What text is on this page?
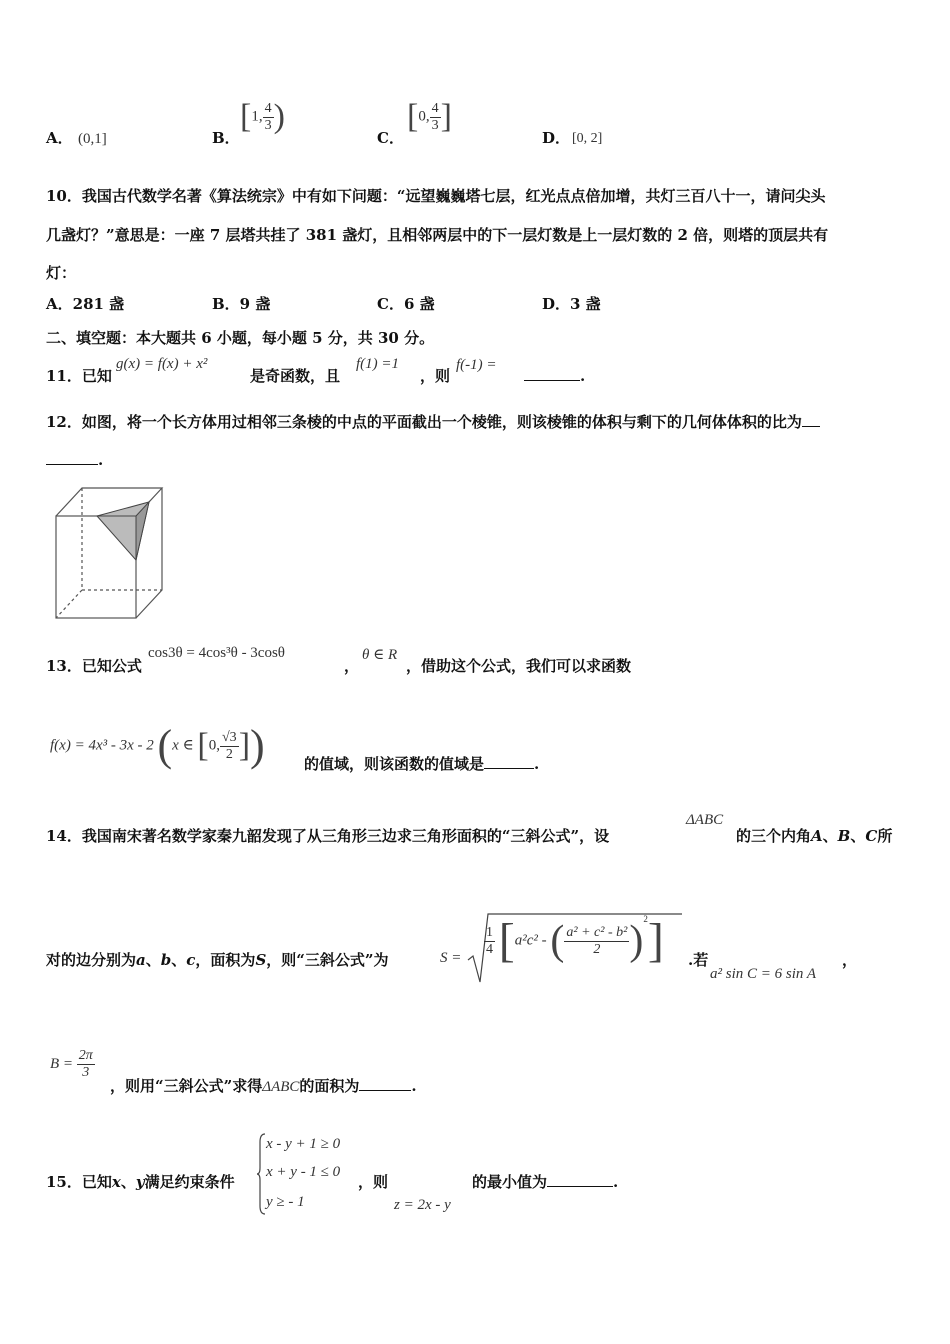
A． (0,1]	B．
[1, $\frac{4}{3}$ )
C．
[0, $\frac{4}{3}$ ]
D． [0, 2]
10．我国古代数学名著《算法统宗》中有如下问题：“远望巍巍塔七层，红光点点倍加增，共灯三百八十一，请问尖头
几盏灯？”意思是：一座 7 层塔共挂了 381 盏灯，且相邻两层中的下一层灯数是上一层灯数的 2 倍，则塔的顶层共有
灯：
A．281 盏	B．9 盏	C．6 盏	D．3 盏
二、填空题：本大题共 6 小题，每小题 5 分，共 30 分。
11．已知
g(x) = f(x) + x²
是奇函数，且
f(1) =1
，则
f(-1) =
.
12．如图，将一个长方体用过相邻三条棱的中点的平面截出一个棱锥，则该棱锥的体积与剩下的几何体体积的比为
.
13．已知公式
cos3θ = 4cos³θ - 3cosθ
，
θ ∈ R
，借助这个公式，我们可以求函数
f(x) = 4x³ - 3x - 2 (x ∈ [0, $\frac{√3}{2}$ ])	的值域，则该函数的值域是	.
14．我国南宋著名数学家秦九韶发现了从三角形三边求三角形面积的“三斜公式”，设
ΔABC
的三个内角A、B、C所
对的边分别为a、b、c，面积为S，则“三斜公式”为	S =
$\frac{1}{4} [a^2c^2$ - ( $\frac{\text{a² + c² - b²}}{2} )^2$] .若
a² sin C = 6 sin A
，
$B = \frac{2\pi}{3}$
，则用“三斜公式”求得ΔABC的面积为	.
15．已知x、y满足约束条件
x - y + 1 ≥ 0
x + y - 1 ≤ 0
y ≥ - 1
，则
z = 2x - y
的最小值为	.
